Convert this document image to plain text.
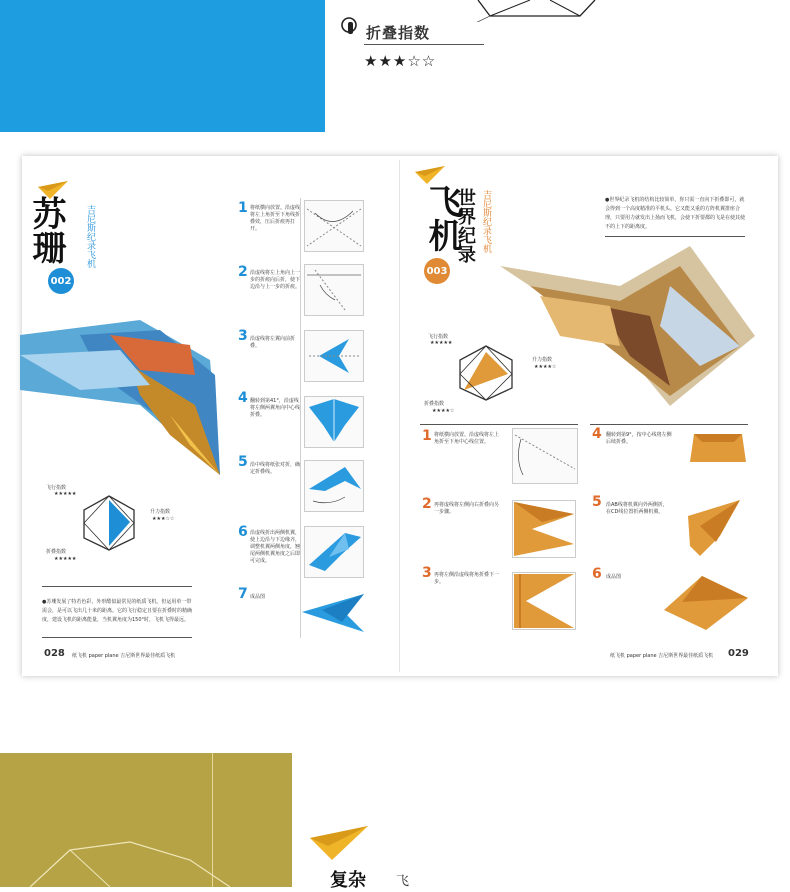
折叠指数
★★★☆☆
苏珊 吉尼斯纪录飞机
002
飞行指数
★★★★★
升力指数
★★★☆☆
折叠指数
★★★★★
●苏珊发展了特若色彩，外形酷似最常见的纸质飞机。但运用单一带需会，是可以飞出几十米的距离。它的飞行稳定且要在折叠时的精确度，建设飞机的距离能量，当机翼角度为150°时，飞机飞得最远。
1 将纸横向放置。沿虚线将左上角折至下角线折叠效，压后折痕再打开。
2 沿虚线将左上角向上一步的折痕向后折，使下边沿与上一步的折痕。
3 沿虚线将左翼向前折叠。
4 翻转到第41°，沿虚线将左侧两翼角向中心线折叠。
5 沿中线将纸张对折，确定折叠线。
6 沿虚线折出两侧机翼，使上边沿与下边缘齐，调整机翼两侧角度，翘尾两侧机翼角度之后即可完成。
7 成品图
028 纸飞机 paper plane 吉尼斯世界最佳纸质飞机
飞机
世界纪录
吉尼斯纪录飞机
003
●世界纪录飞机的结构比较简单，你只需一直向下折叠即可，就会得到一个高度精准的平机头。它又能又重的方阵机翼排座合理，只要用力就发出上扬而飞机，会使下折要都的飞是在使其使不的上下的距离度。
飞行指数
★★★★★
升力指数
★★★★☆
折叠指数
★★★★☆
1 将纸横向放置。沿虚线将左上角折至下角中心线位置。
2 再将虚线将左侧向右折叠向另一步骤。
3 再将左侧沿虚线将角折叠下一步。
4 翻转到第9°，按中心线将左侧后续折叠。
5 沿AB线将机翼向外两侧折，在CD线位置折两侧机翼。
6 成品图
纸飞机 paper plane 吉尼斯世界最佳纸质飞机 029
复杂 飞
